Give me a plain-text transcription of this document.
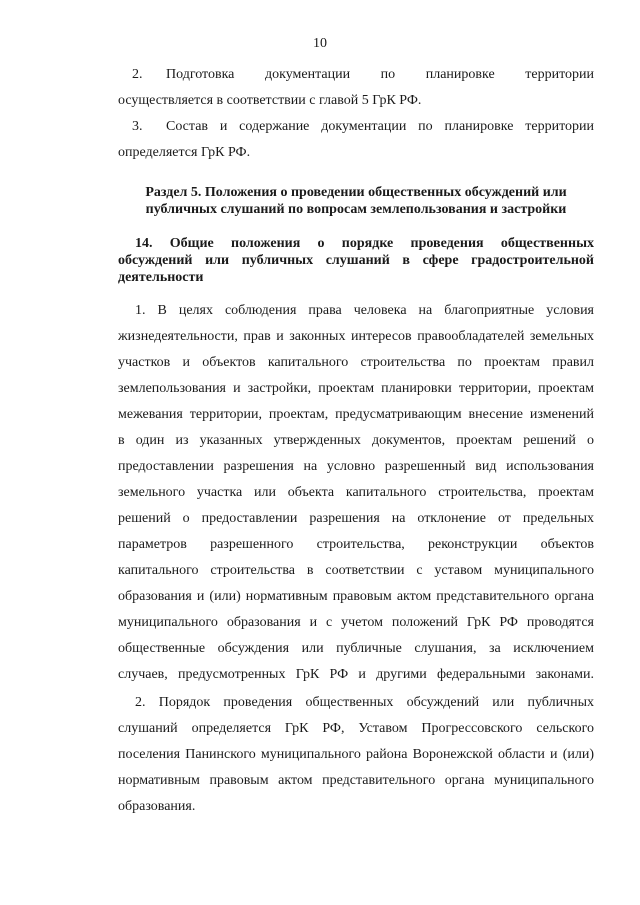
10
2. Подготовка документации по планировке территории
осуществляется в соответствии с главой 5 ГрК РФ.
3. Состав и содержание документации по планировке территории
определяется ГрК РФ.
Раздел 5. Положения о проведении общественных обсуждений или
публичных слушаний по вопросам землепользования и застройки
14. Общие положения о порядке проведения общественных
обсуждений или публичных слушаний в сфере градостроительной
деятельности
1. В целях соблюдения права человека на благоприятные условия
жизнедеятельности, прав и законных интересов правообладателей земельных
участков и объектов капитального строительства по проектам правил
землепользования и застройки, проектам планировки территории, проектам
межевания территории, проектам, предусматривающим внесение изменений
в один из указанных утвержденных документов, проектам решений о
предоставлении разрешения на условно разрешенный вид использования
земельного участка или объекта капитального строительства, проектам
решений о предоставлении разрешения на отклонение от предельных
параметров разрешенного строительства, реконструкции объектов
капитального строительства в соответствии с уставом муниципального
образования и (или) нормативным правовым актом представительного органа
муниципального образования и с учетом положений ГрК РФ проводятся
общественные обсуждения или публичные слушания, за исключением
случаев, предусмотренных ГрК РФ и другими федеральными законами.
2. Порядок проведения общественных обсуждений или публичных
слушаний определяется ГрК РФ, Уставом Прогрессовского сельского
поселения Панинского муниципального района Воронежской области и (или)
нормативным правовым актом представительного органа муниципального
образования.
